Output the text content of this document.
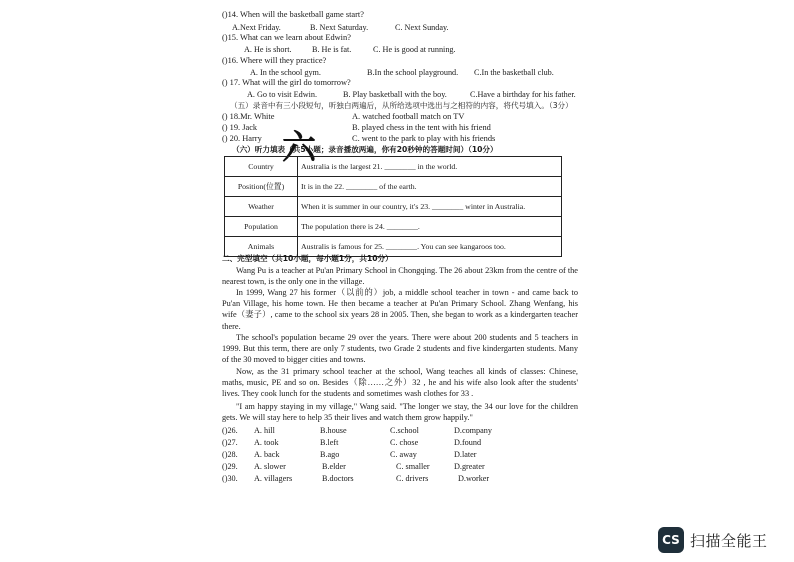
()14. When will the basketball game start?
A.Next Friday.	B. Next Saturday.	C. Next Sunday.
()15. What can we learn about Edwin?
A. He is short. B. He is fat.	C. He is good at running.
()16. Where will they practice?
A. In the school gym.	B.In the school playground. C.In the basketball club.
() 17. What will the girl do tomorrow?
A. Go to visit Edwin.	B. Play basketball with the boy.	C.Have a birthday for his father.
（五）录音中有三小段短句，听独白两遍后，从所给选项中选出与之相符的内容，将代号填入。（3分）
() 18.Mr. White	A. watched football match on TV
() 19. Jack	B. played chess in the tent with his friend
() 20. Harry	C. went to the park to play with his friends
六
（六）听力填表（共5小题；录音播放两遍，你有20秒钟的答题时间）（10分）
Country	Australia is the largest 21. ________ in the world.
Position(位置)	It is in the 22. ________ of the earth.
Weather	When it is summer in our country, it's 23. ________ winter in Australia.
Population	The population there is 24. ________.
Animals	Australis is famous for 25. ________. You can see kangaroos too.
二、完型填空（共10小题，每小题1分，共10分）
Wang Pu is a teacher at Pu'an Primary School in Chongqing. The 26 about 23km from the centre of the nearest town, is the only one in the village.
In 1999, Wang 27 his former（以前的）job, a middle school teacher in town - and came back to Pu'an Village, his home town. He then became a teacher at Pu'an Primary School. Zhang Wenfang, his wife（妻子）, came to the school six years 28 in 2005. Then, she began to work as a kindergarten teacher there.
The school's population became 29 over the years. There were about 200 students and 5 teachers in 1999. But this term, there are only 7 students, two Grade 2 students and five kindergarten students. Many of the 30 moved to bigger cities and towns.
Now, as the 31 primary school teacher at the school, Wang teaches all kinds of classes: Chinese, maths, music, PE and so on. Besides（除……之外）32 , he and his wife also look after the students' lives. They cook lunch for the students and sometimes wash clothes for 33 .
"I am happy staying in my village," Wang said. "The longer we stay, the 34 our love for the children gets. We will stay here to help 35 their lives and watch them grow happily."
()26. A. hill	B.house	C.school	D.company
()27. A. took	B.left	C. chose	D.found
()28. A. back	B.ago	C. away	D.later
()29. A. slower	B.elder	C. smaller	D.greater
()30. A. villagers	B.doctors	C. drivers	D.worker
CS 扫描全能王
